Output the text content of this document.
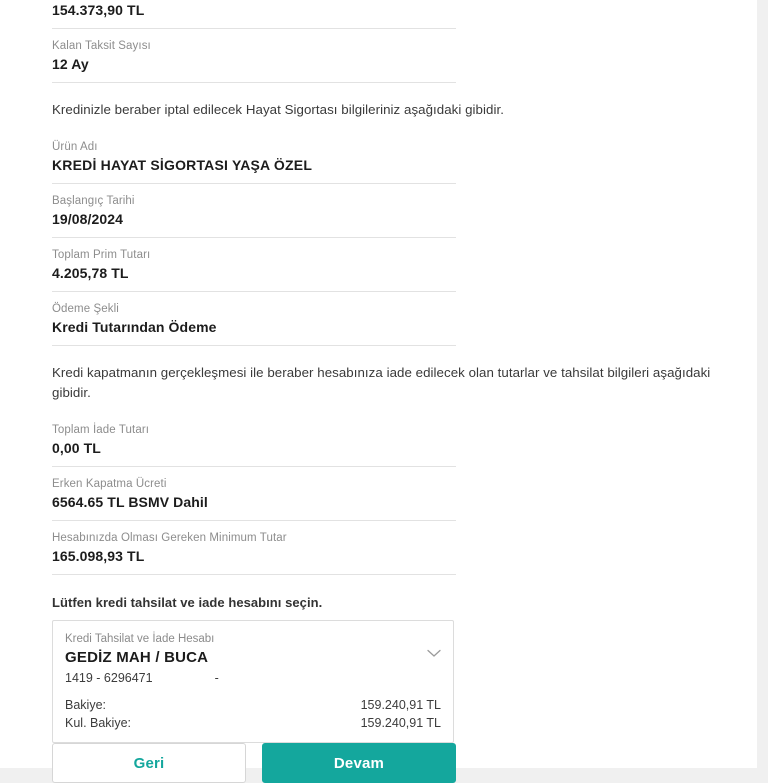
154.373,90 TL
Kalan Taksit Sayısı
12 Ay
Kredinizle beraber iptal edilecek Hayat Sigortası bilgileriniz aşağıdaki gibidir.
Ürün Adı
KREDİ HAYAT SİGORTASI YAŞA ÖZEL
Başlangıç Tarihi
19/08/2024
Toplam Prim Tutarı
4.205,78 TL
Ödeme Şekli
Kredi Tutarından Ödeme
Kredi kapatmanın gerçekleşmesi ile beraber hesabınıza iade edilecek olan tutarlar ve tahsilat bilgileri aşağıdaki gibidir.
Toplam İade Tutarı
0,00 TL
Erken Kapatma Ücreti
6564.65 TL BSMV Dahil
Hesabınızda Olması Gereken Minimum Tutar
165.098,93 TL
Lütfen kredi tahsilat ve iade hesabını seçin.
Kredi Tahsilat ve İade Hesabı
GEDİZ MAH / BUCA
1419 - 6296471	-
Bakiye:	159.240,91 TL
Kul. Bakiye:	159.240,91 TL
Geri	Devam
